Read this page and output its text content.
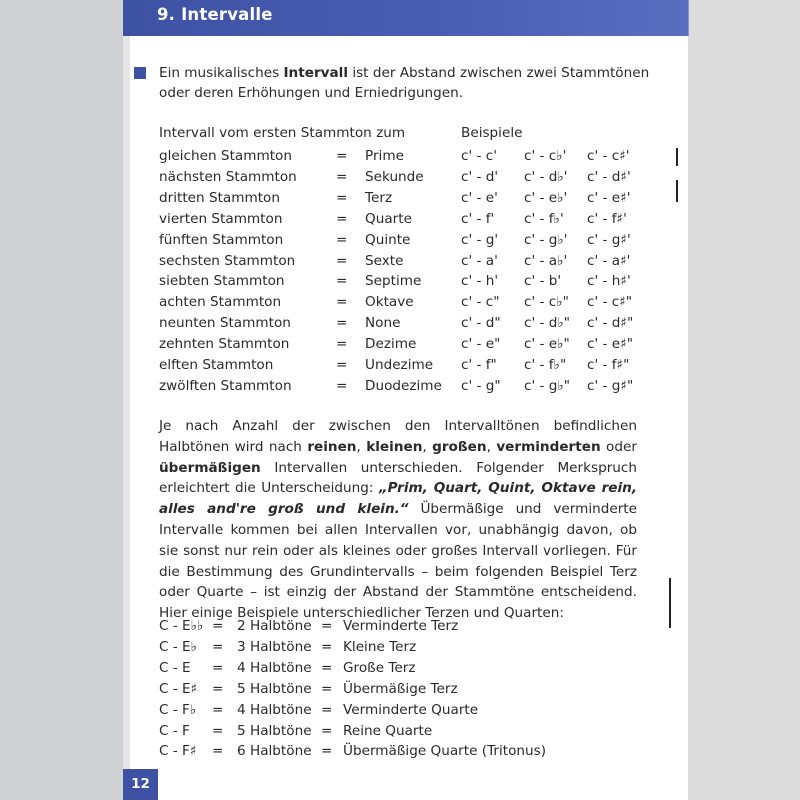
9. Intervalle
Ein musikalisches Intervall ist der Abstand zwischen zwei Stammtönen oder deren Erhöhungen und Erniedrigungen.
Intervall vom ersten Stammton zum	Beispiele
gleichen Stammton	= Prime	c' - c' c' - c♭' c' - c♯'
nächsten Stammton	= Sekunde	c' - d' c' - d♭' c' - d♯'
dritten Stammton	= Terz	c' - e' c' - e♭' c' - e♯'
vierten Stammton	= Quarte	c' - f' c' - f♭' c' - f♯'
fünften Stammton	= Quinte	c' - g' c' - g♭' c' - g♯'
sechsten Stammton	= Sexte	c' - a' c' - a♭' c' - a♯'
siebten Stammton	= Septime	c' - h' c' - b' c' - h♯'
achten Stammton	= Oktave	c' - c" c' - c♭" c' - c♯"
neunten Stammton	= None	c' - d" c' - d♭" c' - d♯"
zehnten Stammton	= Dezime	c' - e" c' - e♭" c' - e♯"
elften Stammton	= Undezime c' - f" c' - f♭" c' - f♯"
zwölften Stammton	= Duodezime c' - g" c' - g♭" c' - g♯"
Je nach Anzahl der zwischen den Intervalltönen befindlichen Halbtönen wird nach reinen, kleinen, großen, verminderten oder übermäßigen Intervallen unterschieden. Folgender Merkspruch erleichtert die Unterscheidung: „Prim, Quart, Quint, Oktave rein, alles and're groß und klein.“ Übermäßige und verminderte Intervalle kommen bei allen Intervallen vor, unabhängig davon, ob sie sonst nur rein oder als kleines oder großes Intervall vorliegen. Für die Bestimmung des Grundintervalls – beim folgenden Beispiel Terz oder Quarte – ist einzig der Abstand der Stammtöne entscheidend. Hier einige Beispiele unterschiedlicher Terzen und Quarten:
C - E♭♭ = 2 Halbtöne = Verminderte Terz
C - E♭ = 3 Halbtöne = Kleine Terz
C - E = 4 Halbtöne = Große Terz
C - E♯ = 5 Halbtöne = Übermäßige Terz
C - F♭ = 4 Halbtöne = Verminderte Quarte
C - F = 5 Halbtöne = Reine Quarte
C - F♯ = 6 Halbtöne = Übermäßige Quarte (Tritonus)
12
